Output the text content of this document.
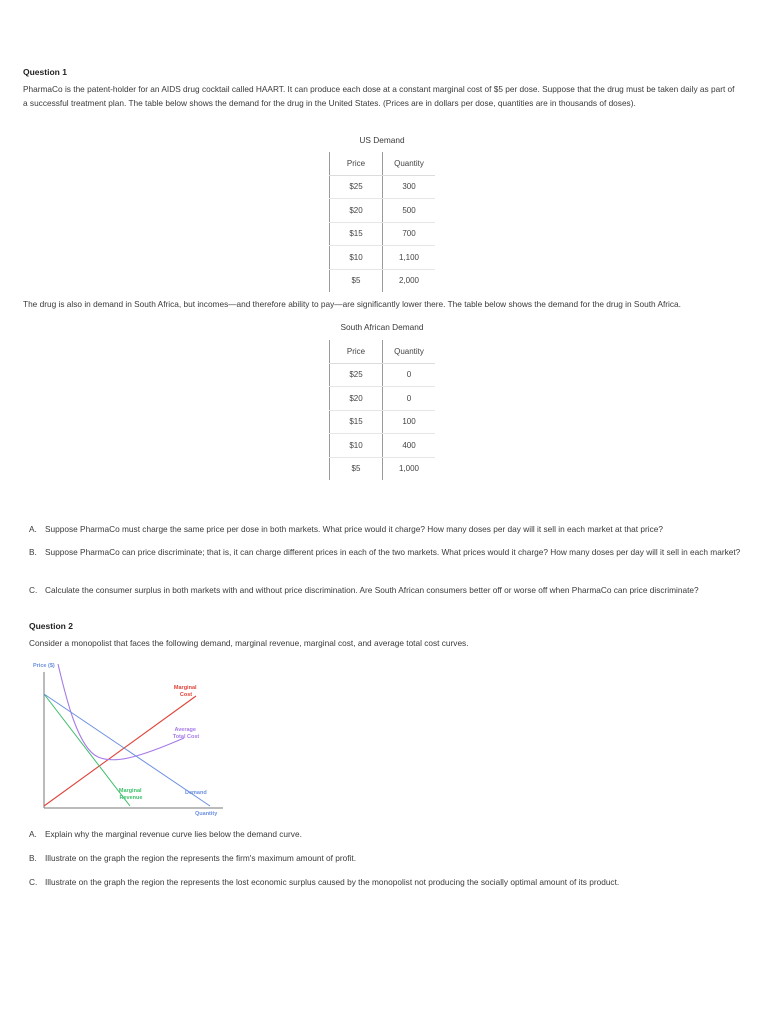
Question 1
PharmaCo is the patent-holder for an AIDS drug cocktail called HAART. It can produce each dose at a constant marginal cost of $5 per dose. Suppose that the drug must be taken daily as part of a successful treatment plan. The table below shows the demand for the drug in the United States. (Prices are in dollars per dose, quantities are in thousands of doses).
US Demand
Price	Quantity
$25	300
$20	500
$15	700
$10	1,100
$5	2,000
The drug is also in demand in South Africa, but incomes—and therefore ability to pay—are significantly lower there. The table below shows the demand for the drug in South Africa.
South African Demand
Price	Quantity
$25	0
$20	0
$15	100
$10	400
$5	1,000
A. Suppose PharmaCo must charge the same price per dose in both markets. What price would it charge? How many doses per day will it sell in each market at that price?
B. Suppose PharmaCo can price discriminate; that is, it can charge different prices in each of the two markets. What prices would it charge? How many doses per day will it sell in each market?
C. Calculate the consumer surplus in both markets with and without price discrimination. Are South African consumers better off or worse off when PharmaCo can price discriminate?
Question 2
Consider a monopolist that faces the following demand, marginal revenue, marginal cost, and average total cost curves.
Price ($)
Quantity
Marginal Cost
Average Total Cost
Marginal Revenue
Demand
A. Explain why the marginal revenue curve lies below the demand curve.
B. Illustrate on the graph the region the represents the firm's maximum amount of profit.
C. Illustrate on the graph the region the represents the lost economic surplus caused by the monopolist not producing the socially optimal amount of its product.
